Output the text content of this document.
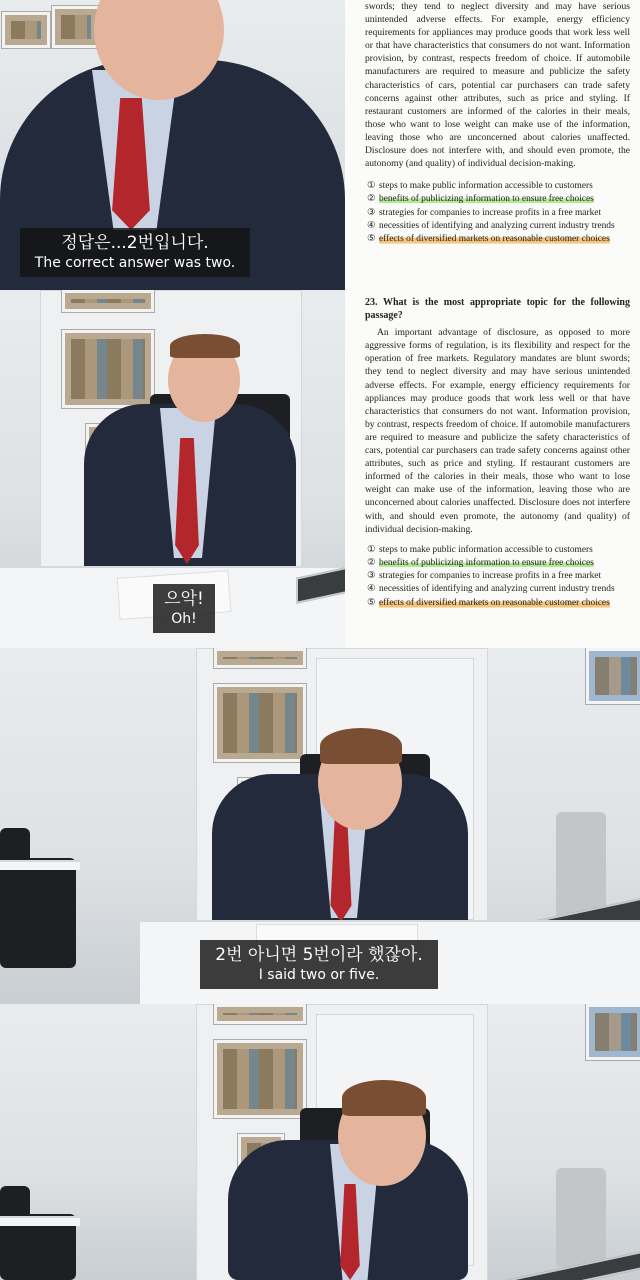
정답은...2번입니다.
The correct answer was two.

swords; they tend to neglect diversity and may have serious unintended adverse effects. For example, energy efficiency requirements for appliances may produce goods that work less well or that have characteristics that consumers do not want. Information provision, by contrast, respects freedom of choice. If automobile manufacturers are required to measure and publicize the safety characteristics of cars, potential car purchasers can trade safety concerns against other attributes, such as price and styling. If restaurant customers are informed of the calories in their meals, those who want to lose weight can make use of the information, leaving those who are unconcerned about calories unaffected. Disclosure does not interfere with, and should even promote, the autonomy (and quality) of individual decision-making.

① steps to make public information accessible to customers
② benefits of publicizing information to ensure free choices
③ strategies for companies to increase profits in a free market
④ necessities of identifying and analyzing current industry trends
⑤ effects of diversified markets on reasonable customer choices
으악!
Oh!

23. What is the most appropriate topic for the following passage?

An important advantage of disclosure, as opposed to more aggressive forms of regulation, is its flexibility and respect for the operation of free markets. Regulatory mandates are blunt swords; they tend to neglect diversity and may have serious unintended adverse effects. For example, energy efficiency requirements for appliances may produce goods that work less well or that have characteristics that consumers do not want. Information provision, by contrast, respects freedom of choice. If automobile manufacturers are required to measure and publicize the safety characteristics of cars, potential car purchasers can trade safety concerns against other attributes, such as price and styling. If restaurant customers are informed of the calories in their meals, those who want to lose weight can make use of the information, leaving those who are unconcerned about calories unaffected. Disclosure does not interfere with, and should even promote, the autonomy (and quality) of individual decision-making.

① steps to make public information accessible to customers
② benefits of publicizing information to ensure free choices
③ strategies for companies to increase profits in a free market
④ necessities of identifying and analyzing current industry trends
⑤ effects of diversified markets on reasonable customer choices
2번 아니면 5번이라 했잖아.
I said two or five.
